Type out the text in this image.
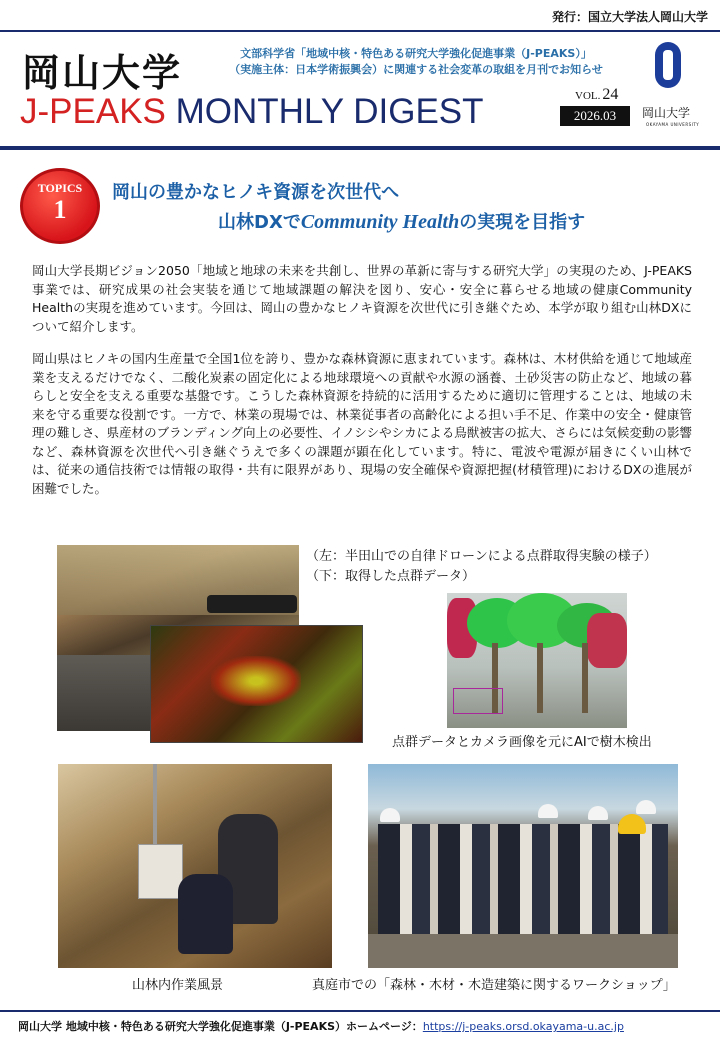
発行：国立大学法人岡山大学
岡山大学
J-PEAKS MONTHLY DIGEST
文部科学省「地域中核・特色ある研究大学強化促進事業（J-PEAKS）」
（実施主体：日本学術振興会）に関連する社会変革の取組を月刊でお知らせ
VOL. 24
2026.03	岡山大学
OKAYAMA UNIVERSITY
TOPICS
1
岡山の豊かなヒノキ資源を次世代へ
山林DXでCommunity Healthの実現を目指す

岡山大学長期ビジョン2050「地域と地球の未来を共創し、世界の革新に寄与する研究大学」の実現のため、J-PEAKS事業では、研究成果の社会実装を通じて地域課題の解決を図り、安心・安全に暮らせる地域の健康Community Healthの実現を進めています。今回は、岡山の豊かなヒノキ資源を次世代に引き継ぐため、本学が取り組む山林DXについて紹介します。

岡山県はヒノキの国内生産量で全国1位を誇り、豊かな森林資源に恵まれています。森林は、木材供給を通じて地域産業を支えるだけでなく、二酸化炭素の固定化による地球環境への貢献や水源の涵養、土砂災害の防止など、地域の暮らしと安全を支える重要な基盤です。こうした森林資源を持続的に活用するために適切に管理することは、地域の未来を守る重要な役割です。一方で、林業の現場では、林業従事者の高齢化による担い手不足、作業中の安全・健康管理の難しさ、県産材のブランディング向上の必要性、イノシシやシカによる鳥獣被害の拡大、さらには気候変動の影響など、森林資源を次世代へ引き継ぐうえで多くの課題が顕在化しています。特に、電波や電源が届きにくい山林では、従来の通信技術では情報の取得・共有に限界があり、現場の安全確保や資源把握(材積管理)におけるDXの進展が困難でした。

（左：半田山での自律ドローンによる点群取得実験の様子）
（下：取得した点群データ）
点群データとカメラ画像を元にAIで樹木検出
山林内作業風景	真庭市での「森林・木材・木造建築に関するワークショップ」
岡山大学 地域中核・特色ある研究大学強化促進事業（J-PEAKS）ホームページ：https://j-peaks.orsd.okayama-u.ac.jp
